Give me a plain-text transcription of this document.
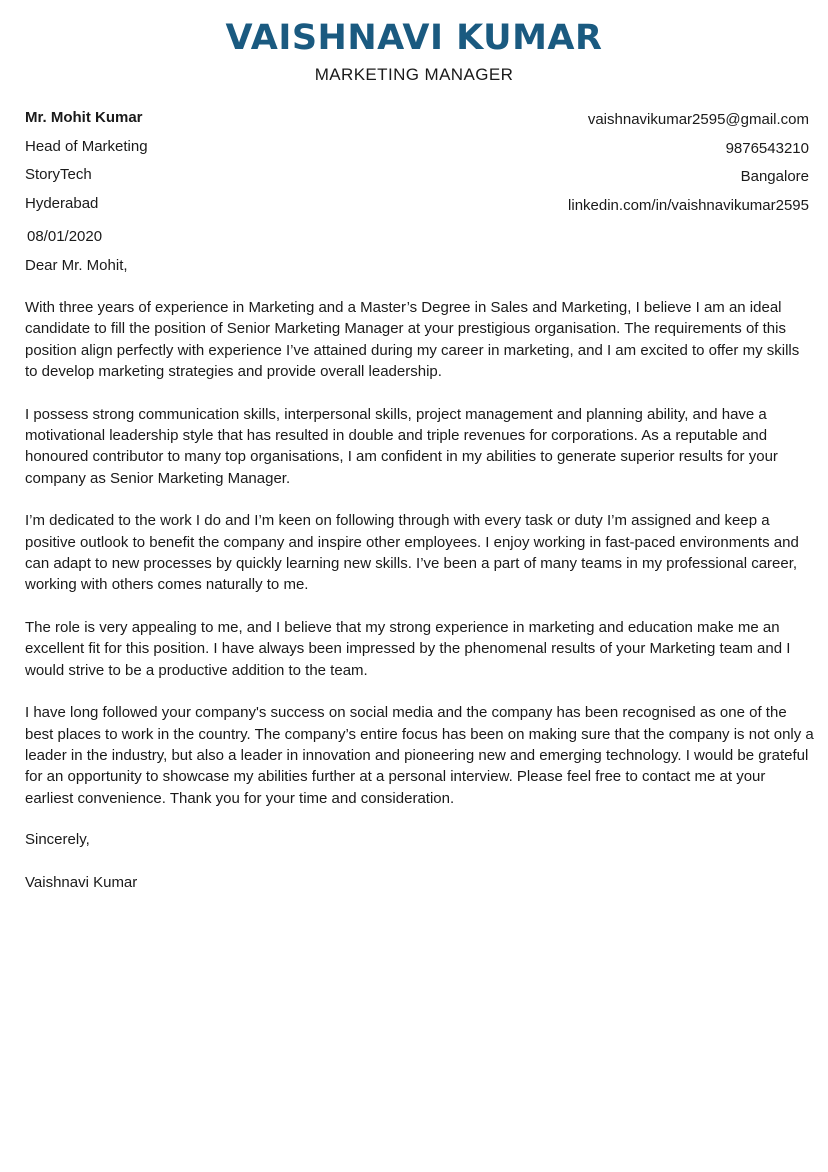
VAISHNAVI KUMAR
MARKETING MANAGER
Mr. Mohit Kumar
Head of Marketing
StoryTech
Hyderabad
vaishnavikumar2595@gmail.com
9876543210
Bangalore
linkedin.com/in/vaishnavikumar2595
08/01/2020
Dear Mr. Mohit,

With three years of experience in Marketing and a Master’s Degree in Sales and Marketing, I believe I am an ideal candidate to fill the position of Senior Marketing Manager at your prestigious organisation. The requirements of this position align perfectly with experience I’ve attained during my career in marketing, and I am excited to offer my skills to develop marketing strategies and provide overall leadership.

I possess strong communication skills, interpersonal skills, project management and planning ability, and have a motivational leadership style that has resulted in double and triple revenues for corporations. As a reputable and honoured contributor to many top organisations, I am confident in my abilities to generate superior results for your company as Senior Marketing Manager.

I’m dedicated to the work I do and I’m keen on following through with every task or duty I’m assigned and keep a positive outlook to benefit the company and inspire other employees. I enjoy working in fast-paced environments and can adapt to new processes by quickly learning new skills. I’ve been a part of many teams in my professional career, working with others comes naturally to me.

The role is very appealing to me, and I believe that my strong experience in marketing and education make me an excellent fit for this position. I have always been impressed by the phenomenal results of your Marketing team and I would strive to be a productive addition to the team.

I have long followed your company's success on social media and the company has been recognised as one of the best places to work in the country. The company’s entire focus has been on making sure that the company is not only a leader in the industry, but also a leader in innovation and pioneering new and emerging technology. I would be grateful for an opportunity to showcase my abilities further at a personal interview. Please feel free to contact me at your earliest convenience. Thank you for your time and consideration.

Sincerely,
Vaishnavi Kumar
